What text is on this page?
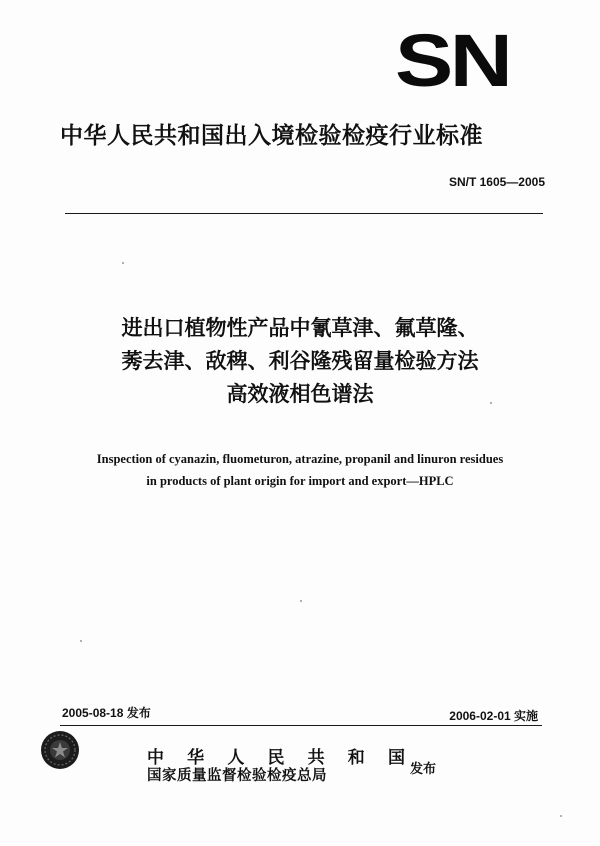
SN
中华人民共和国出入境检验检疫行业标准
SN/T 1605—2005
进出口植物性产品中氰草津、氟草隆、
莠去津、敌稗、利谷隆残留量检验方法
高效液相色谱法
Inspection of cyanazin, fluometuron, atrazine, propanil and linuron residues
in products of plant origin for import and export—HPLC
2005-08-18 发布	2006-02-01 实施
中 华 人 民 共 和 国
国家质量监督检验检疫总局	发布
